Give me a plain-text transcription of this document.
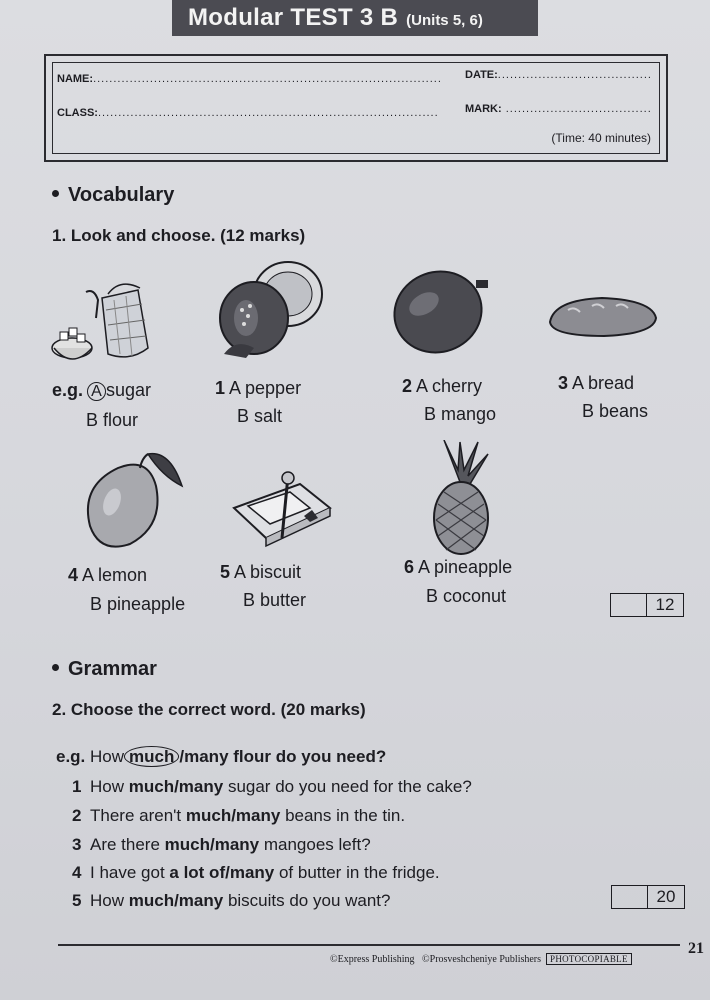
Modular TEST 3 B (Units 5, 6)
NAME:...................................................................................... DATE:......................................
CLASS:.................................................................................... MARK: ....................................
(Time: 40 minutes)
Vocabulary
1. Look and choose. (12 marks)
e.g. A sugar
B flour
1 A pepper
B salt
2 A cherry
B mango
3 A bread
B beans
4 A lemon
B pineapple
5 A biscuit
B butter
6 A pineapple
B coconut	12
Grammar
2. Choose the correct word. (20 marks)
e.g. How much /many flour do you need?
1 How much/many sugar do you need for the cake?
2 There aren't much/many beans in the tin.
3 Are there much/many mangoes left?
4 I have got a lot of/many of butter in the fridge.
5 How much/many biscuits do you want?	20
©Express Publishing ©Prosveshcheniye Publishers PHOTOCOPIABLE
21
